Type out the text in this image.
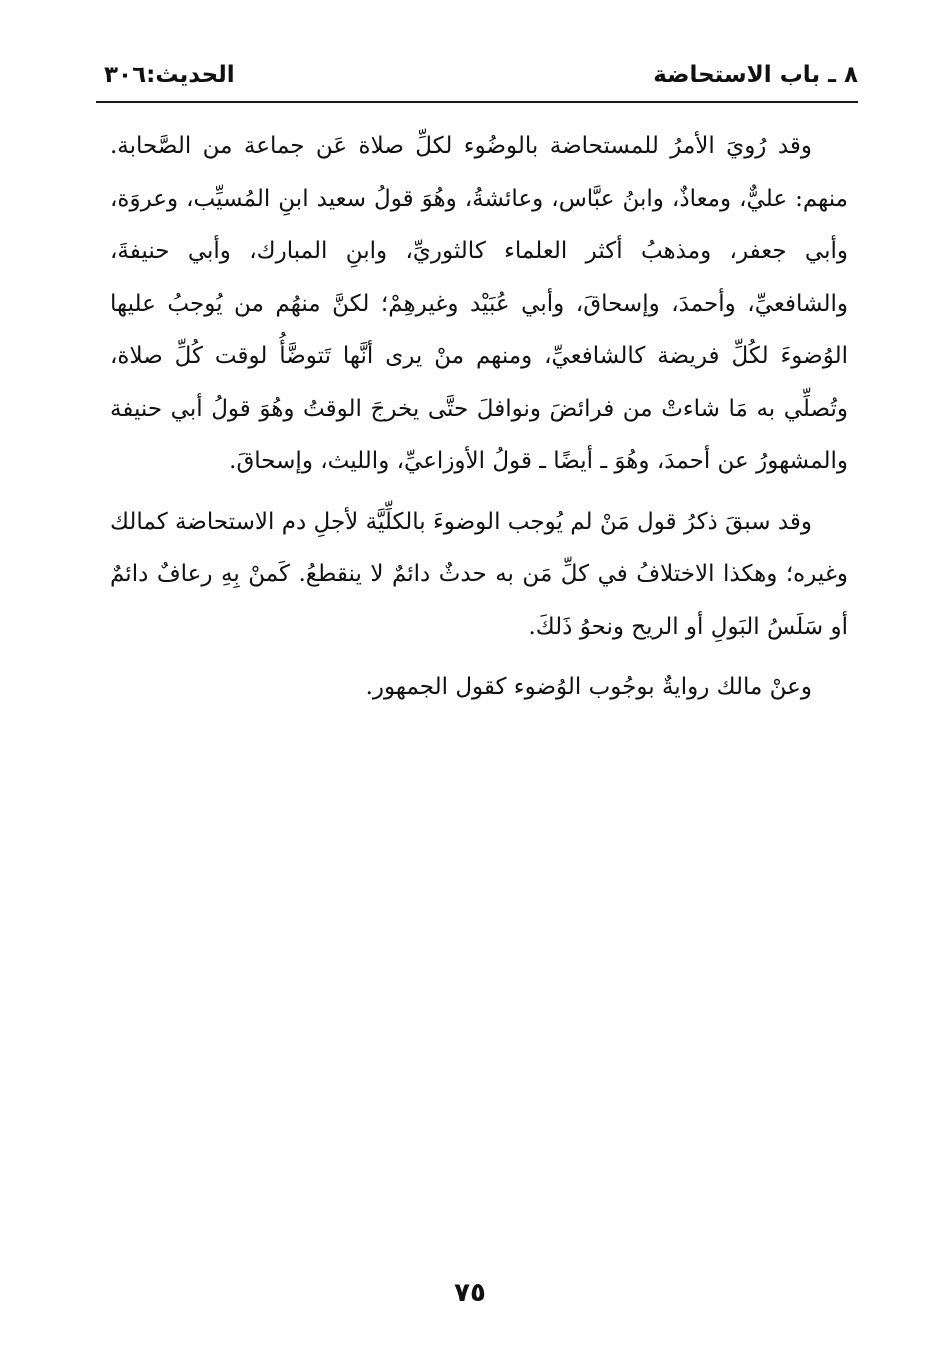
٨ ـ باب الاستحاضة
الحديث:٣٠٦

وقد رُويَ الأمرُ للمستحاضة بالوضُوء لكلِّ صلاة عَن جماعة من الصَّحابة. منهم: عليٌّ، ومعاذٌ، وابنُ عبَّاس، وعائشةُ، وهُوَ قولُ سعيد ابنِ المُسيِّب، وعروَة، وأبي جعفر، ومذهبُ أكثر العلماء كالثوريِّ، وابنِ المبارك، وأبي حنيفةَ، والشافعيِّ، وأحمدَ، وإسحاقَ، وأبي عُبَيْد وغيرهِمْ؛ لكنَّ منهُم من يُوجبُ عليها الوُضوءَ لكُلِّ فريضة كالشافعيِّ، ومنهم منْ يرى أنَّها تَتوضَّأُ لوقت كُلِّ صلاة، وتُصلِّي به مَا شاءتْ من فرائضَ ونوافلَ حتَّى يخرجَ الوقتُ وهُوَ قولُ أبي حنيفة والمشهورُ عن أحمدَ، وهُوَ ـ أيضًا ـ قولُ الأوزاعيِّ، والليث، وإسحاقَ.

وقد سبقَ ذكرُ قول مَنْ لم يُوجب الوضوءَ بالكلِّيَّة لأجلِ دم الاستحاضة كمالك وغيره؛ وهكذا الاختلافُ في كلِّ مَن به حدثٌ دائمٌ لا ينقطعُ. كَمنْ بِهِ رعافٌ دائمٌ أو سَلَسُ البَولِ أو الريح ونحوُ ذَلكَ.

وعنْ مالك روايةٌ بوجُوب الوُضوء كقول الجمهور.

٧٥
